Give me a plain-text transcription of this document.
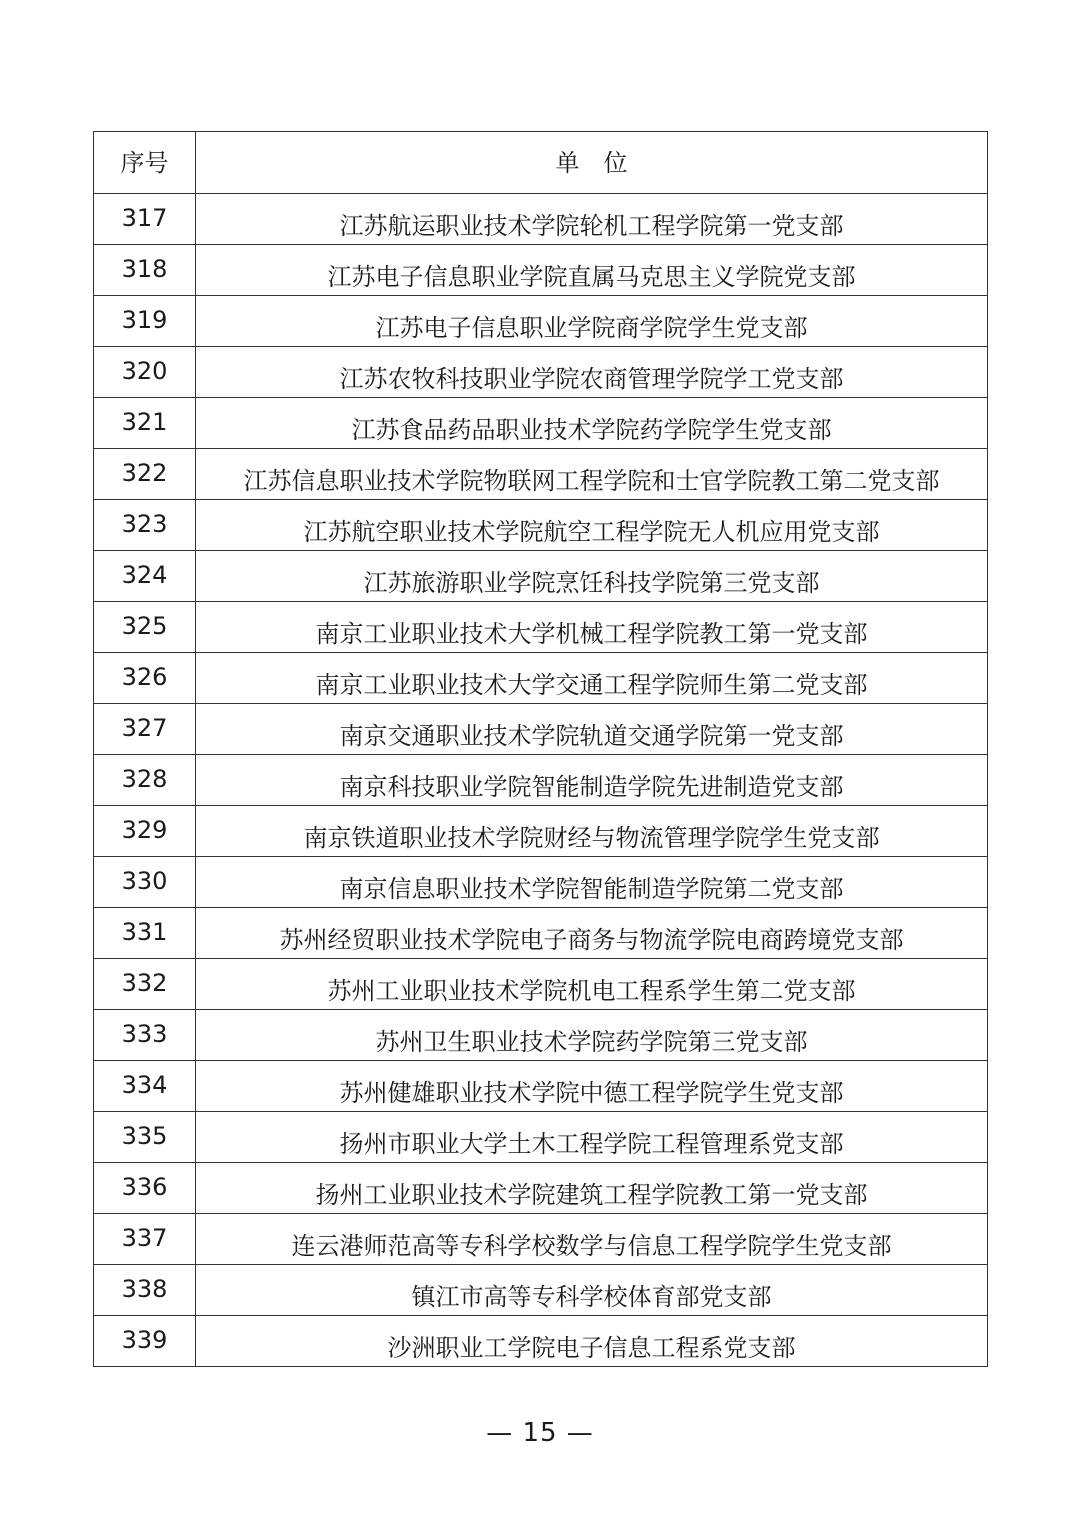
序号	单位
317	江苏航运职业技术学院轮机工程学院第一党支部
318	江苏电子信息职业学院直属马克思主义学院党支部
319	江苏电子信息职业学院商学院学生党支部
320	江苏农牧科技职业学院农商管理学院学工党支部
321	江苏食品药品职业技术学院药学院学生党支部
322	江苏信息职业技术学院物联网工程学院和士官学院教工第二党支部
323	江苏航空职业技术学院航空工程学院无人机应用党支部
324	江苏旅游职业学院烹饪科技学院第三党支部
325	南京工业职业技术大学机械工程学院教工第一党支部
326	南京工业职业技术大学交通工程学院师生第二党支部
327	南京交通职业技术学院轨道交通学院第一党支部
328	南京科技职业学院智能制造学院先进制造党支部
329	南京铁道职业技术学院财经与物流管理学院学生党支部
330	南京信息职业技术学院智能制造学院第二党支部
331	苏州经贸职业技术学院电子商务与物流学院电商跨境党支部
332	苏州工业职业技术学院机电工程系学生第二党支部
333	苏州卫生职业技术学院药学院第三党支部
334	苏州健雄职业技术学院中德工程学院学生党支部
335	扬州市职业大学土木工程学院工程管理系党支部
336	扬州工业职业技术学院建筑工程学院教工第一党支部
337	连云港师范高等专科学校数学与信息工程学院学生党支部
338	镇江市高等专科学校体育部党支部
339	沙洲职业工学院电子信息工程系党支部
— 15 —
